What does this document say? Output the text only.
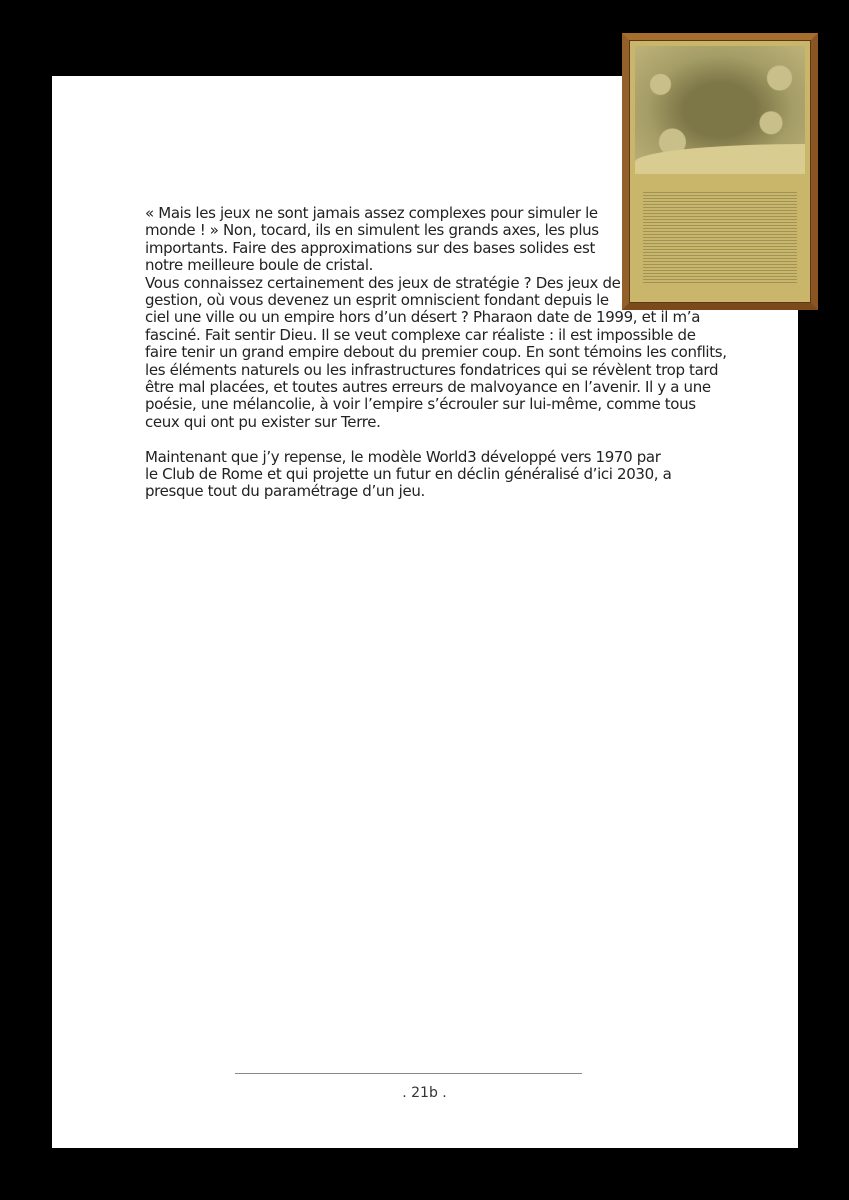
« Mais les jeux ne sont jamais assez complexes pour simuler le
monde ! » Non, tocard, ils en simulent les grands axes, les plus
importants. Faire des approximations sur des bases solides est
notre meilleure boule de cristal.
Vous connaissez certainement des jeux de stratégie ? Des jeux de
gestion, où vous devenez un esprit omniscient fondant depuis le
ciel une ville ou un empire hors d’un désert ? Pharaon date de 1999, et il m’a
fasciné. Fait sentir Dieu. Il se veut complexe car réaliste : il est impossible de
faire tenir un grand empire debout du premier coup. En sont témoins les conflits,
les éléments naturels ou les infrastructures fondatrices qui se révèlent trop tard
être mal placées, et toutes autres erreurs de malvoyance en l’avenir. Il y a une
poésie, une mélancolie, à voir l’empire s’écrouler sur lui-même, comme tous
ceux qui ont pu exister sur Terre.
Maintenant que j’y repense, le modèle World3 développé vers 1970 par
le Club de Rome et qui projette un futur en déclin généralisé d’ici 2030, a
presque tout du paramétrage d’un jeu.
. 21b .
